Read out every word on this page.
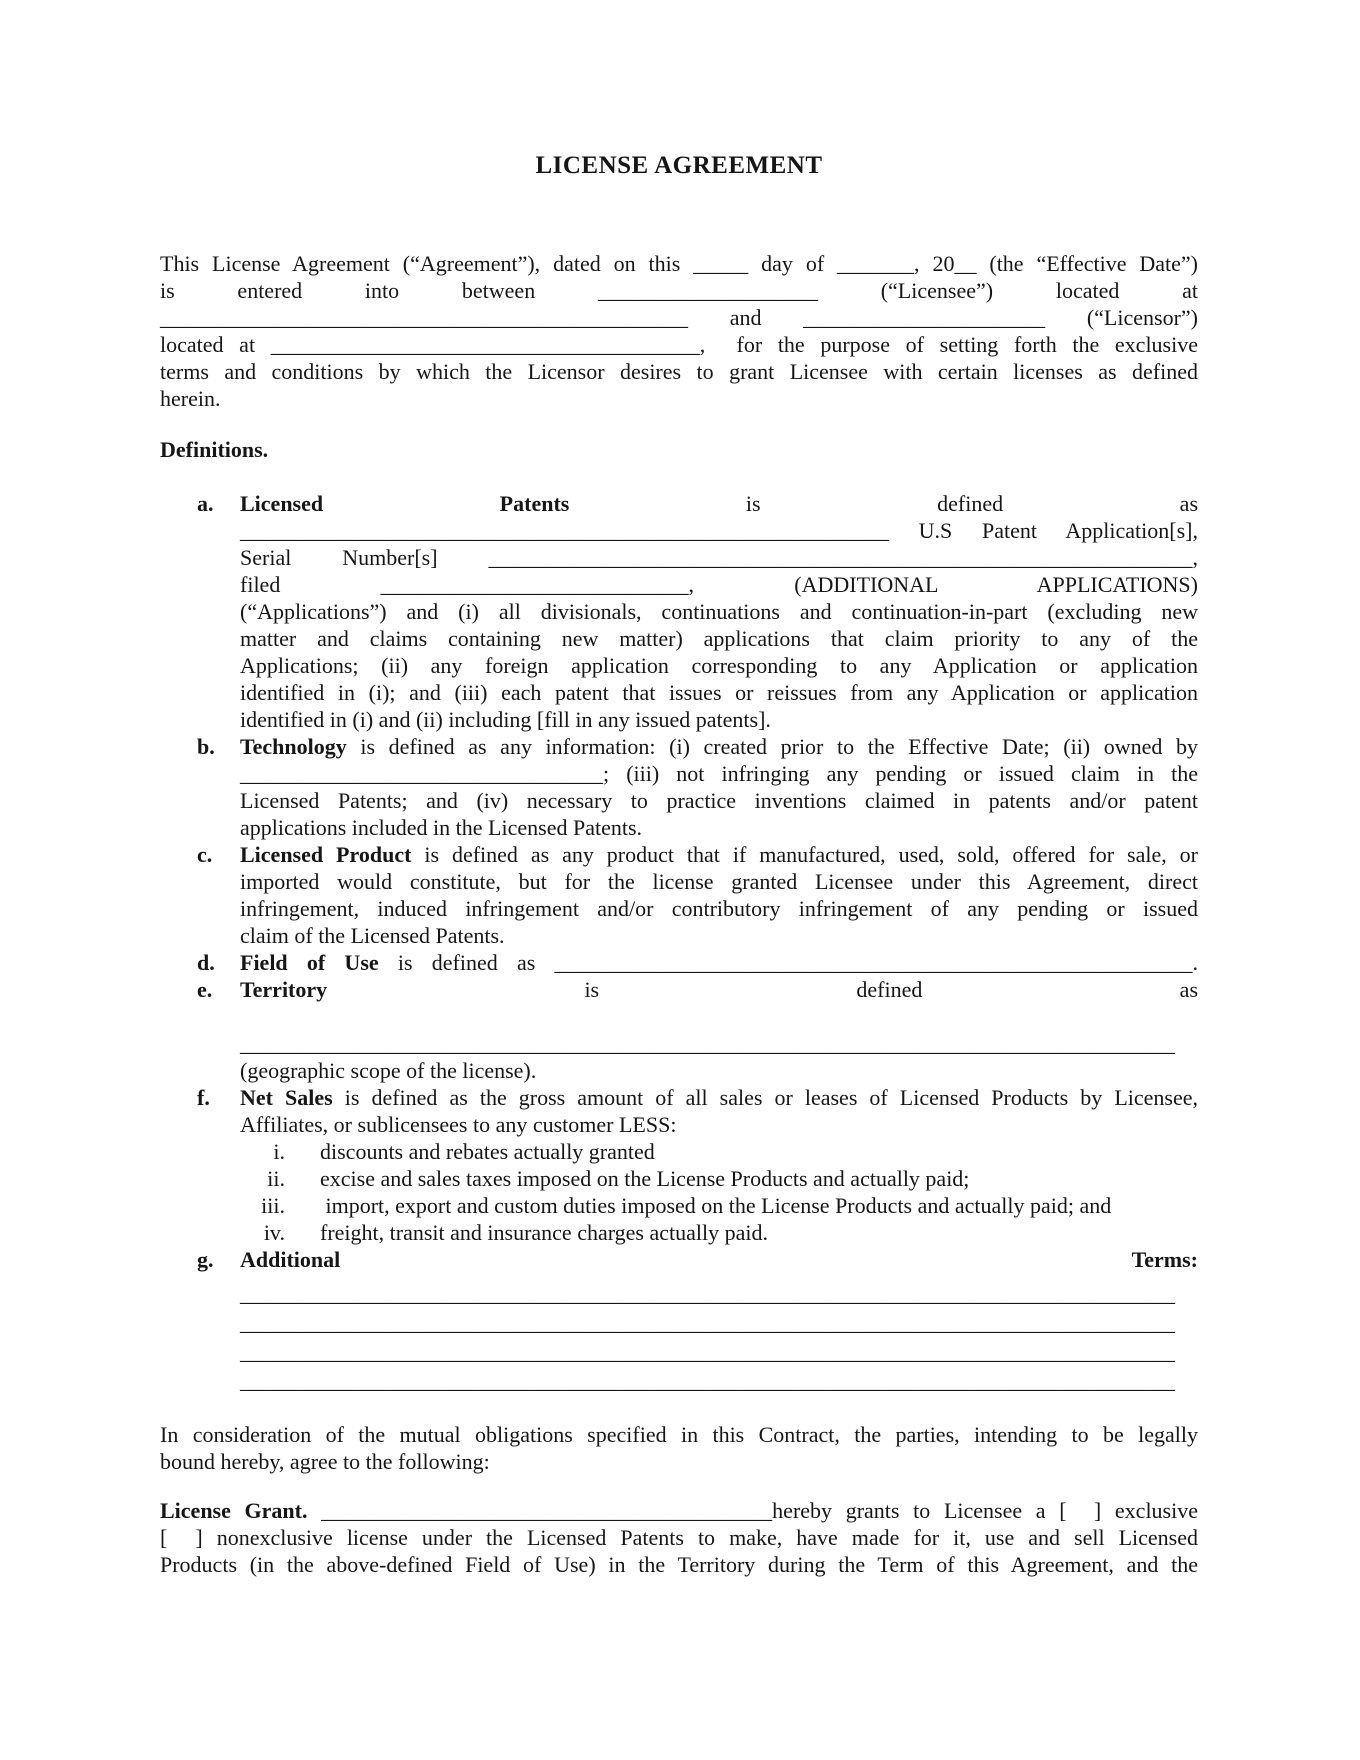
LICENSE AGREEMENT
This License Agreement (“Agreement”), dated on this _____ day of _______, 20__ (the “Effective Date”)
is entered into between ____________________ (“Licensee”) located at
________________________________________________ and ______________________ (“Licensor”)
located at _______________________________________,  for the purpose of setting forth the exclusive
terms and conditions by which the Licensor desires to grant Licensee with certain licenses as defined
herein.
Definitions.
a. Licensed Patents is defined as
___________________________________________________________ U.S Patent Application[s],
Serial Number[s] ________________________________________________________________,
filed ____________________________, (ADDITIONAL APPLICATIONS)
(“Applications”) and (i) all divisionals, continuations and continuation-in-part (excluding new
matter and claims containing new matter) applications that claim priority to any of the
Applications; (ii) any foreign application corresponding to any Application or application
identified in (i); and (iii) each patent that issues or reissues from any Application or application
identified in (i) and (ii) including [fill in any issued patents].
b. Technology is defined as any information: (i) created prior to the Effective Date; (ii) owned by
_________________________________; (iii) not infringing any pending or issued claim in the
Licensed Patents; and (iv) necessary to practice inventions claimed in patents and/or patent
applications included in the Licensed Patents.
c. Licensed Product is defined as any product that if manufactured, used, sold, offered for sale, or
imported would constitute, but for the license granted Licensee under this Agreement, direct
infringement, induced infringement and/or contributory infringement of any pending or issued
claim of the Licensed Patents.
d. Field of Use is defined as __________________________________________________________.
e. Territory is defined as
_____________________________________________________________________________________
(geographic scope of the license).
f. Net Sales is defined as the gross amount of all sales or leases of Licensed Products by Licensee,
Affiliates, or sublicensees to any customer LESS:
i. discounts and rebates actually granted
ii. excise and sales taxes imposed on the License Products and actually paid;
iii. import, export and custom duties imposed on the License Products and actually paid; and
iv. freight, transit and insurance charges actually paid.
g. Additional Terms:
_____________________________________________________________________________________
_____________________________________________________________________________________
_____________________________________________________________________________________
_____________________________________________________________________________________
In consideration of the mutual obligations specified in this Contract, the parties, intending to be legally
bound hereby, agree to the following:
License Grant. _________________________________________hereby grants to Licensee a [  ] exclusive
[  ] nonexclusive license under the Licensed Patents to make, have made for it, use and sell Licensed
Products (in the above-defined Field of Use) in the Territory during the Term of this Agreement, and the
